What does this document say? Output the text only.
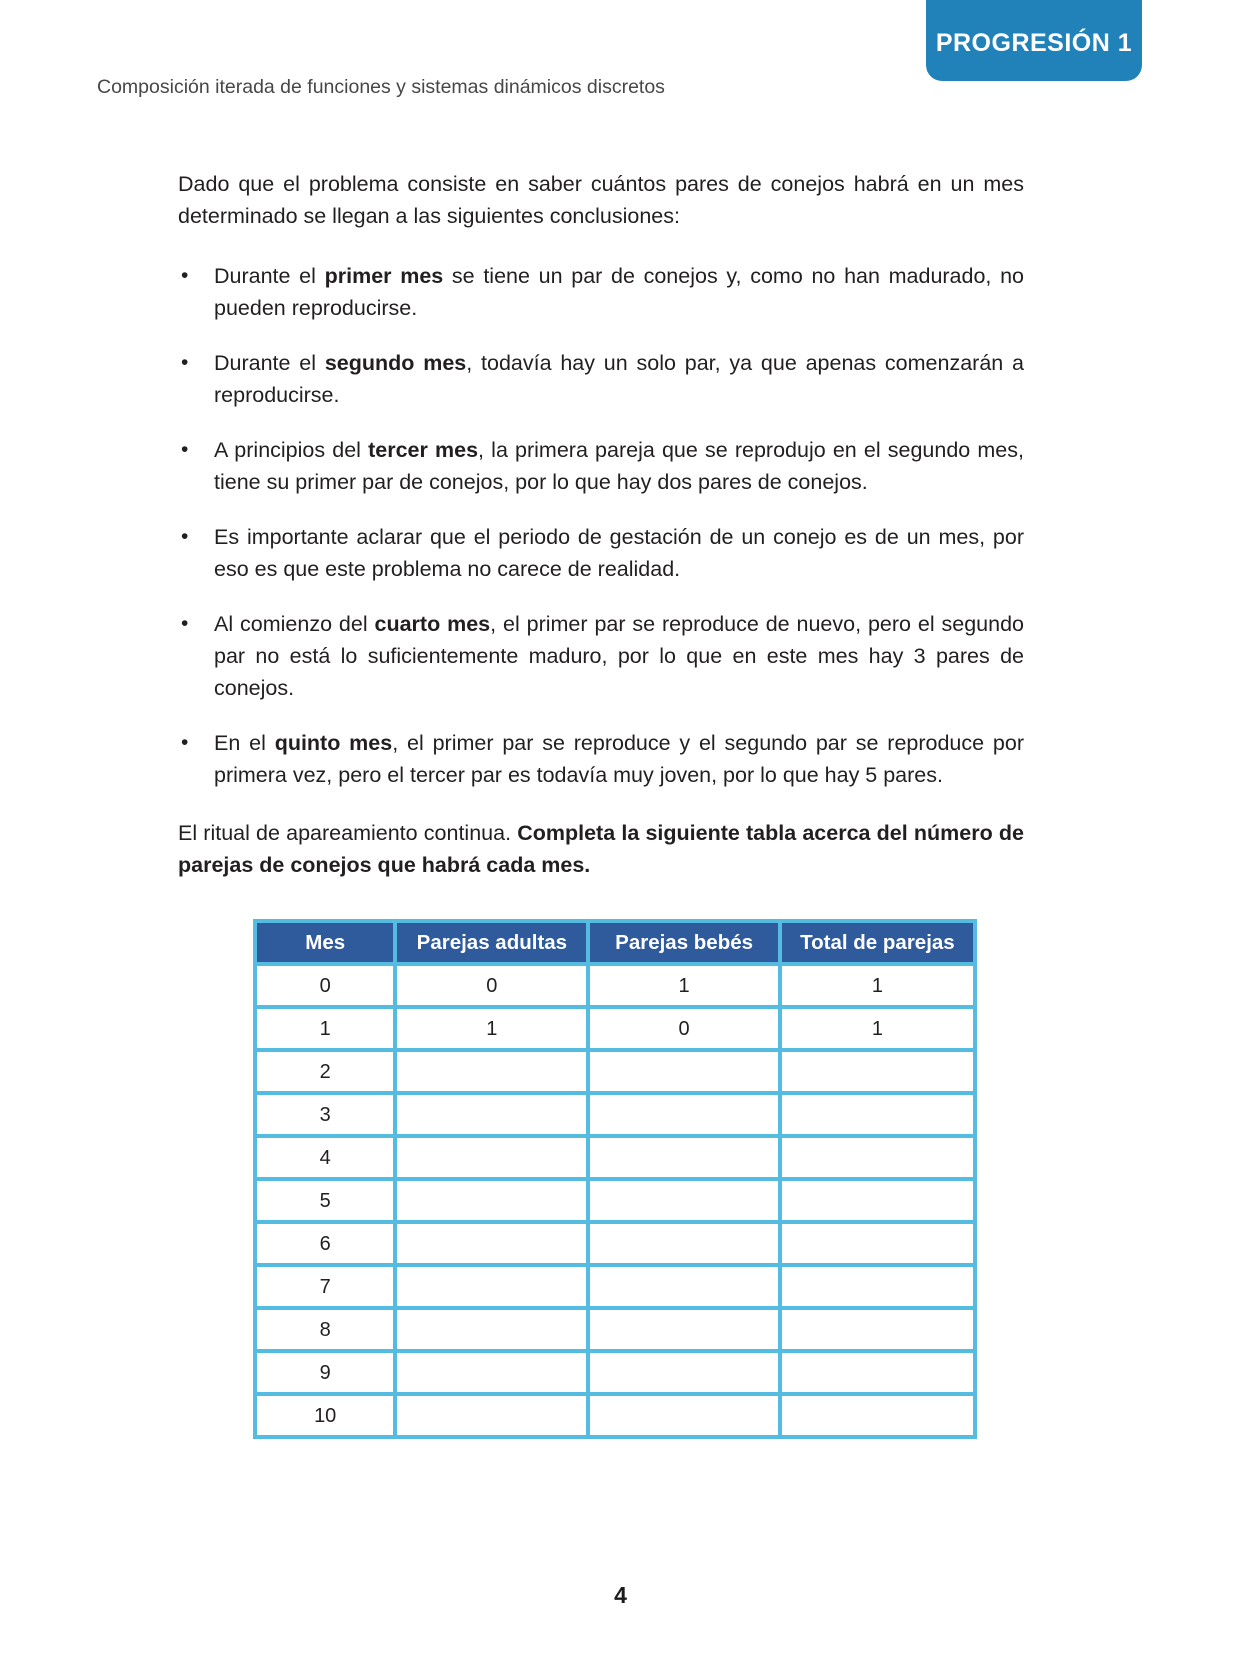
PROGRESIÓN 1
Composición iterada de funciones y sistemas dinámicos discretos

Dado que el problema consiste en saber cuántos pares de conejos habrá en un mes determinado se llegan a las siguientes conclusiones:

• Durante el primer mes se tiene un par de conejos y, como no han madurado, no pueden reproducirse.
• Durante el segundo mes, todavía hay un solo par, ya que apenas comenzarán a reproducirse.
• A principios del tercer mes, la primera pareja que se reprodujo en el segundo mes, tiene su primer par de conejos, por lo que hay dos pares de conejos.
• Es importante aclarar que el periodo de gestación de un conejo es de un mes, por eso es que este problema no carece de realidad.
• Al comienzo del cuarto mes, el primer par se reproduce de nuevo, pero el segundo par no está lo suficientemente maduro, por lo que en este mes hay 3 pares de conejos.
• En el quinto mes, el primer par se reproduce y el segundo par se reproduce por primera vez, pero el tercer par es todavía muy joven, por lo que hay 5 pares.

El ritual de apareamiento continua. Completa la siguiente tabla acerca del número de parejas de conejos que habrá cada mes.

Mes	Parejas adultas	Parejas bebés	Total de parejas
0	0	1	1
1	1	0	1
2			
3			
4			
5			
6			
7			
8			
9			
10			
4
